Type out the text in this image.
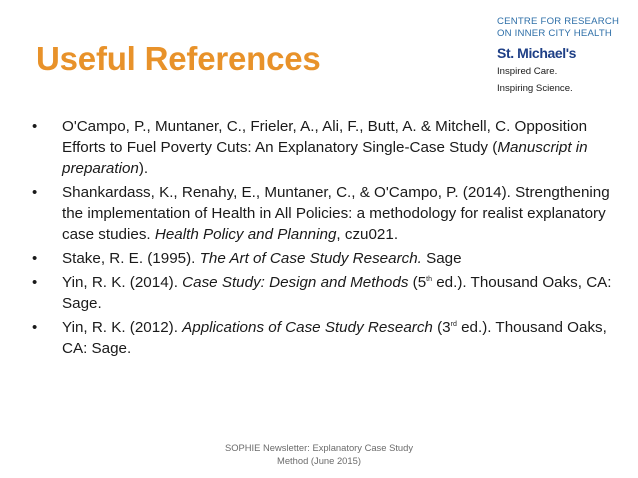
Useful References
CENTRE FOR RESEARCH
ON INNER CITY HEALTH
St. Michael's
Inspired Care.
Inspiring Science.
•	O'Campo, P., Muntaner, C., Frieler, A., Ali, F., Butt, A. & Mitchell, C. Opposition Efforts to Fuel Poverty Cuts: An Explanatory Single-Case Study (Manuscript in preparation).
•	Shankardass, K., Renahy, E., Muntaner, C., & O'Campo, P. (2014). Strengthening the implementation of Health in All Policies: a methodology for realist explanatory case studies. Health Policy and Planning, czu021.
•	Stake, R. E. (1995). The Art of Case Study Research. Sage
•	Yin, R. K. (2014). Case Study: Design and Methods (5th ed.). Thousand Oaks, CA: Sage.
•	Yin, R. K. (2012). Applications of Case Study Research (3rd ed.). Thousand Oaks, CA: Sage.
SOPHIE Newsletter: Explanatory Case Study
Method (June 2015)
